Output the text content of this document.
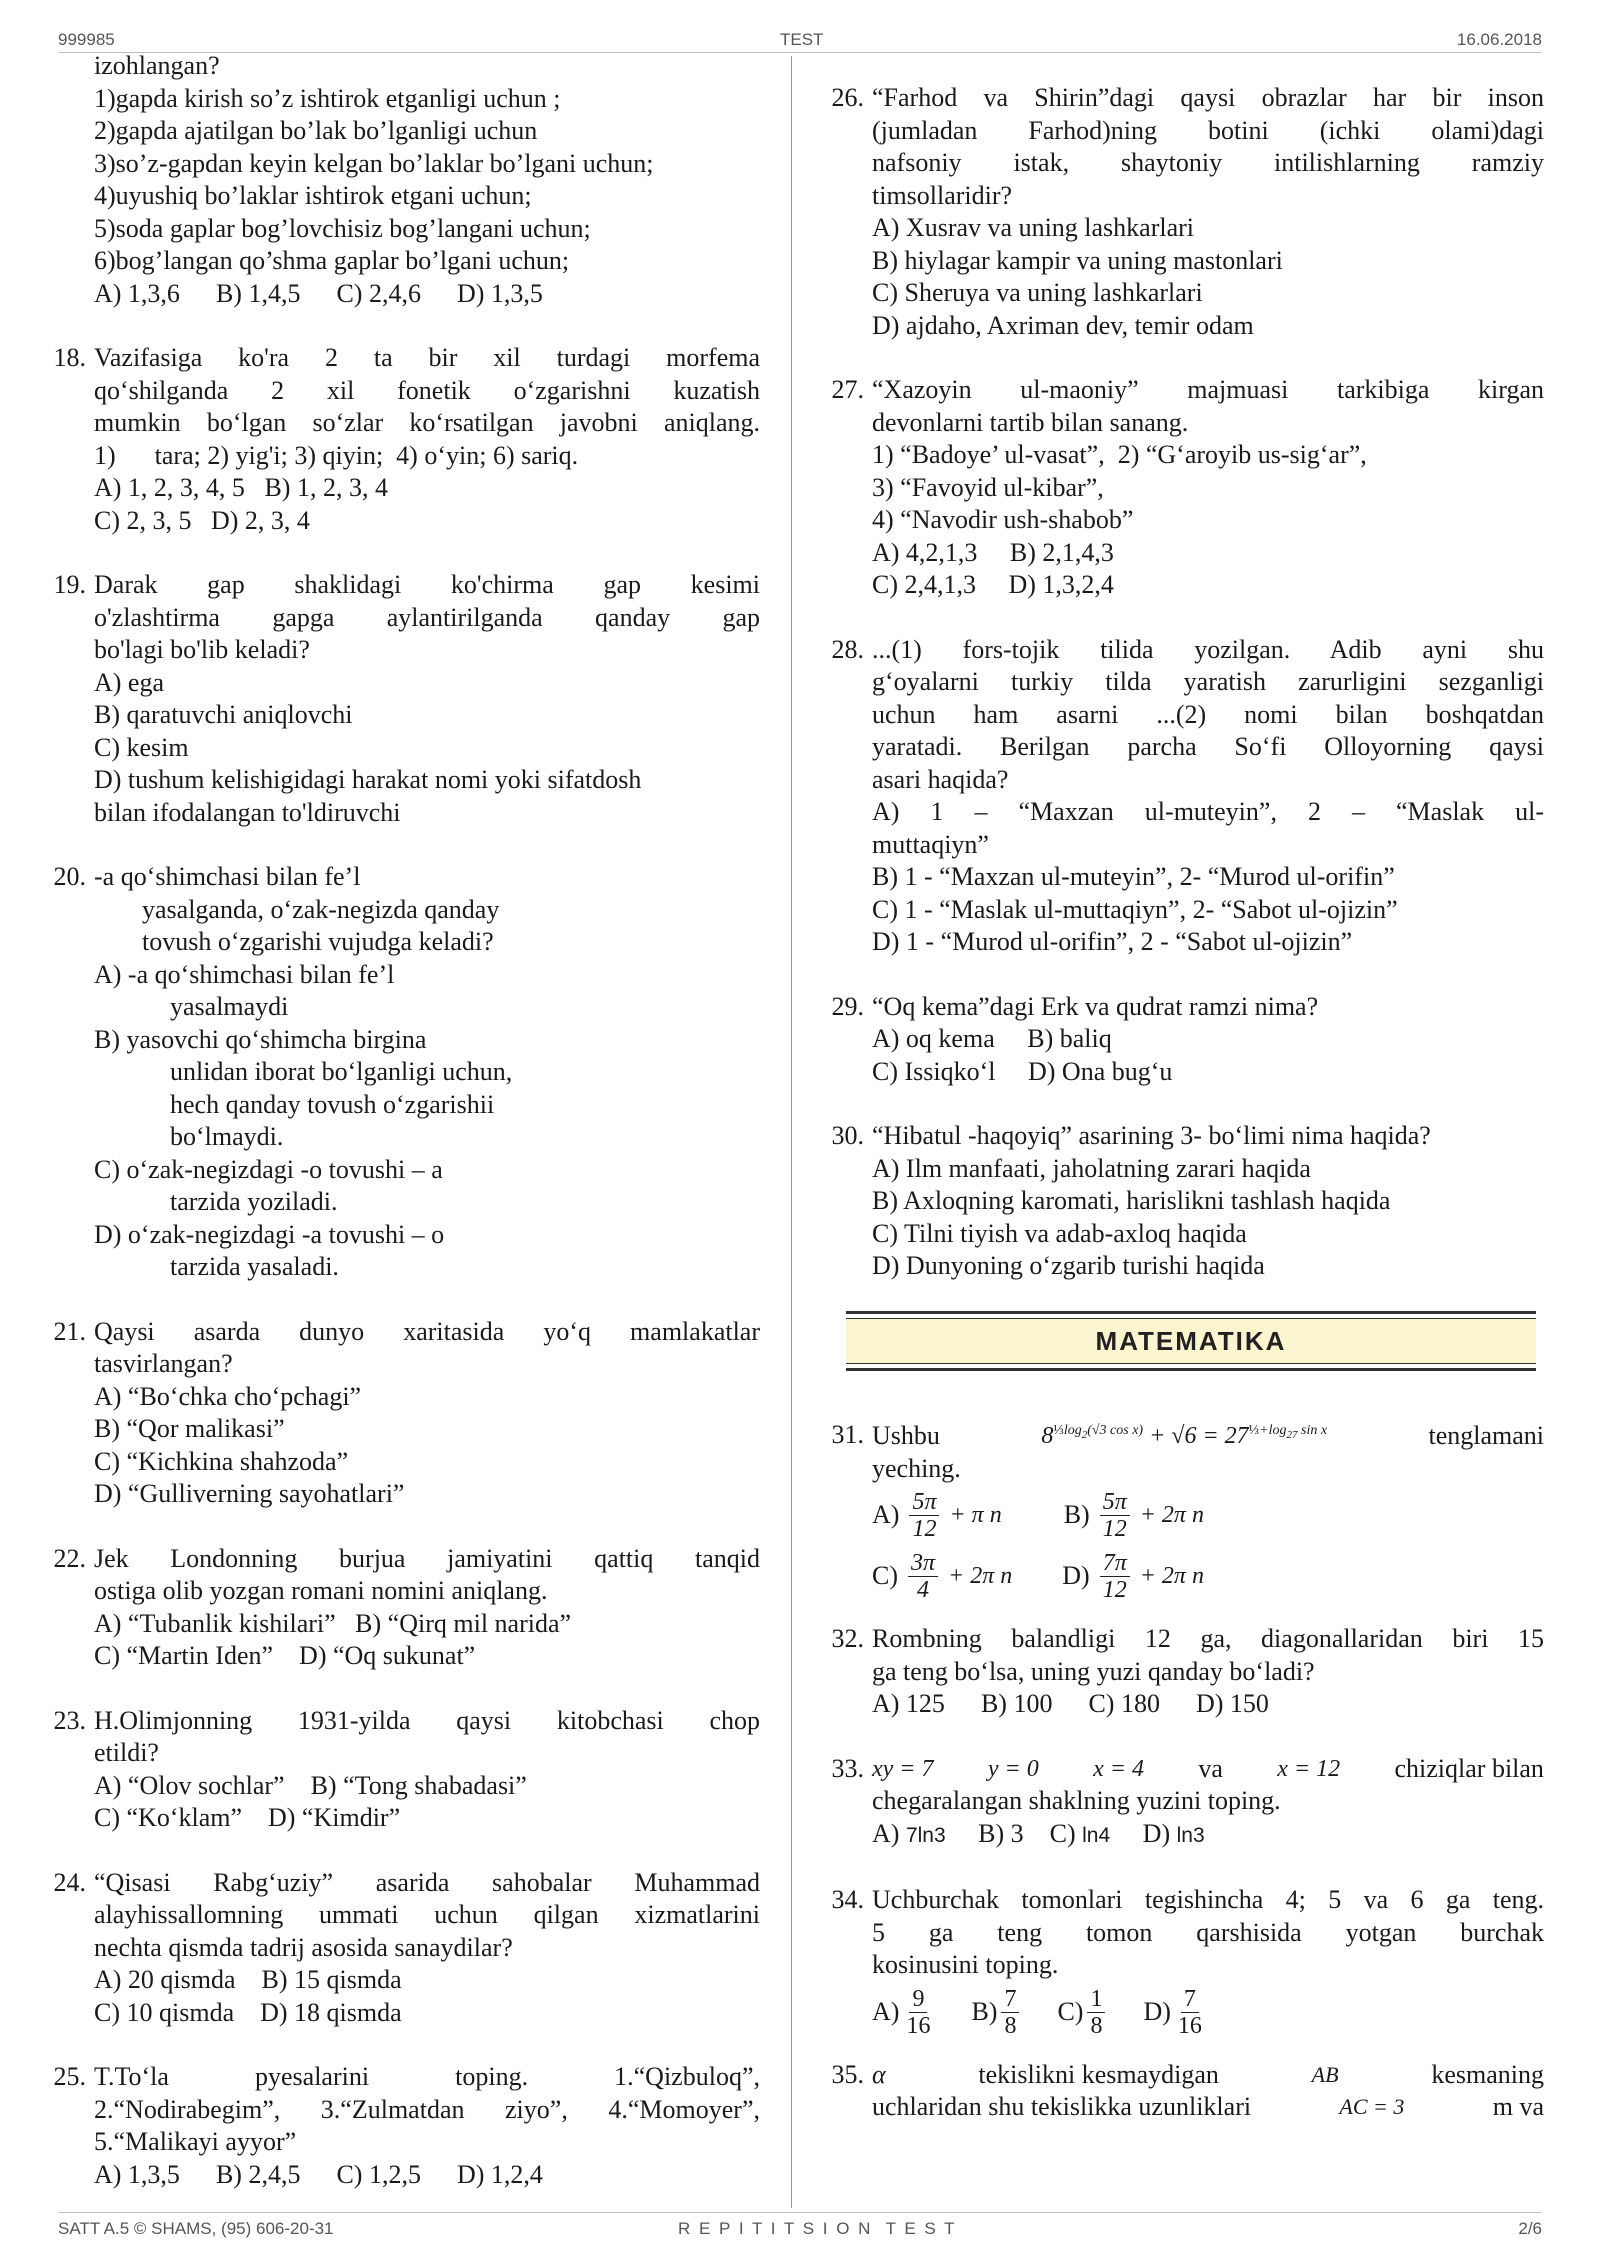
999985	TEST	16.06.2018
izohlangan?
1)gapda kirish so’z ishtirok etganligi uchun ;
2)gapda ajatilgan bo’lak bo’lganligi uchun
3)so’z-gapdan keyin kelgan bo’laklar bo’lgani uchun;
4)uyushiq bo’laklar ishtirok etgani uchun;
5)soda gaplar bog’lovchisiz bog’langani uchun;
6)bog’langan qo’shma gaplar bo’lgani uchun;
A) 1,3,6 B) 1,4,5 C) 2,4,6 D) 1,3,5
18. Vazifasiga ko'ra 2 ta bir xil turdagi morfema
qo‘shilganda 2 xil fonetik o‘zgarishni kuzatish
mumkin bo‘lgan so‘zlar ko‘rsatilgan javobni aniqlang.
1)      tara; 2) yig'i; 3) qiyin;  4) o‘yin; 6) sariq.
A) 1, 2, 3, 4, 5 B) 1, 2, 3, 4
C) 2, 3, 5 D) 2, 3, 4
19. Darak gap shaklidagi ko'chirma gap kesimi
o'zlashtirma gapga aylantirilganda qanday gap
bo'lagi bo'lib keladi?
A) ega
B) qaratuvchi aniqlovchi
C) kesim
D) tushum kelishigidagi harakat nomi yoki sifatdosh
bilan ifodalangan to'ldiruvchi
20. -a qo‘shimchasi bilan fe’l
yasalganda, o‘zak-negizda qanday
tovush o‘zgarishi vujudga keladi?
A) -a qo‘shimchasi bilan fe’l
yasalmaydi
B) yasovchi qo‘shimcha birgina
unlidan iborat bo‘lganligi uchun,
hech qanday tovush o‘zgarishii
bo‘lmaydi.
C) o‘zak-negizdagi -o tovushi – a
tarzida yoziladi.
D) o‘zak-negizdagi -a tovushi – o
tarzida yasaladi.
21. Qaysi asarda dunyo xaritasida yo‘q mamlakatlar
tasvirlangan?
A) “Bo‘chka cho‘pchagi”
B) “Qor malikasi”
C) “Kichkina shahzoda”
D) “Gulliverning sayohatlari”
22. Jek Londonning burjua jamiyatini qattiq tanqid
ostiga olib yozgan romani nomini aniqlang.
A) “Tubanlik kishilari”   B) “Qirq mil narida”
C) “Martin Iden”    D) “Oq sukunat”
23. H.Olimjonning 1931-yilda qaysi kitobchasi chop
etildi?
A) “Olov sochlar”    B) “Tong shabadasi”
C) “Ko‘klam”    D) “Kimdir”
24. “Qisasi Rabg‘uziy” asarida sahobalar Muhammad
alayhissallomning ummati uchun qilgan xizmatlarini
nechta qismda tadrij asosida sanaydilar?
A) 20 qismda    B) 15 qismda
C) 10 qismda    D) 18 qismda
25. T.To‘la pyesalarini toping. 1.“Qizbuloq”,
2.“Nodirabegim”, 3.“Zulmatdan ziyo”, 4.“Momoyer”,
5.“Malikayi ayyor”
A) 1,3,5 B) 2,4,5 C) 1,2,5 D) 1,2,4
26. “Farhod va Shirin”dagi qaysi obrazlar har bir inson
(jumladan Farhod)ning botini (ichki olami)dagi
nafsoniy istak, shaytoniy intilishlarning ramziy
timsollaridir?
A) Xusrav va uning lashkarlari
B) hiylagar kampir va uning mastonlari
C) Sheruya va uning lashkarlari
D) ajdaho, Axriman dev, temir odam
27. “Xazoyin ul-maoniy” majmuasi tarkibiga kirgan
devonlarni tartib bilan sanang.
1) “Badoye’ ul-vasat”,  2) “G‘aroyib us-sig‘ar”,
3) “Favoyid ul-kibar”,
4) “Navodir ush-shabob”
A) 4,2,1,3     B) 2,1,4,3
C) 2,4,1,3     D) 1,3,2,4
28. ...(1) fors-tojik tilida yozilgan. Adib ayni shu
g‘oyalarni turkiy tilda yaratish zarurligini sezganligi
uchun ham asarni ...(2) nomi bilan boshqatdan
yaratadi. Berilgan parcha So‘fi Olloyorning qaysi
asari haqida?
A) 1 – “Maxzan ul-muteyin”, 2 – “Maslak ul-
muttaqiyn”
B) 1 - “Maxzan ul-muteyin”, 2- “Murod ul-orifin”
C) 1 - “Maslak ul-muttaqiyn”, 2- “Sabot ul-ojizin”
D) 1 - “Murod ul-orifin”, 2 - “Sabot ul-ojizin”
29. “Oq kema”dagi Erk va qudrat ramzi nima?
A) oq kema     B) baliq
C) Issiqko‘l     D) Ona bug‘u
30. “Hibatul -haqoyiq” asarining 3- bo‘limi nima haqida?
A) Ilm manfaati, jaholatning zarari haqida
B) Axloqning karomati, harislikni tashlash haqida
C) Tilni tiyish va adab-axloq haqida
D) Dunyoning o‘zgarib turishi haqida
MATEMATIKA
31. Ushbu	$8^{\frac{1}{3}log_2(√3 cos x)} + √6 = 27^{\frac{1}{3}+log_{27} sin x}$	tenglamani
yeching.
$A) \frac{5\pi}{12} + \pi$ n $B) \frac{5\pi}{12} + 2\pi$ n
$C) \frac{3\pi}{4} + 2\pi$ n $D) \frac{7\pi}{12} + 2\pi$ n
32. Rombning balandligi 12 ga, diagonallaridan biri 15
ga teng bo‘lsa, uning yuzi qanday bo‘ladi?
A) 125 B) 100 C) 180 D) 150
33. xy = 7 y = 0 x = 4 va x = 12 chiziqlar bilan
chegaralangan shaklning yuzini toping.
A) 7ln3 B) 3 C) ln4 D) ln3
34. Uchburchak tomonlari tegishincha 4; 5 va 6 ga teng.
5 ga teng tomon qarshisida yotgan burchak
kosinusini toping.
$A) \frac{9}{16} B) \frac{7}{8} C) \frac{1}{8} D) \frac{7}{16}$
35. α	tekislikni kesmaydigan	AB	kesmaning
uchlaridan shu tekislikka uzunliklari	AC = 3	m va
SATT A.5 © SHAMS, (95) 606-20-31	R E P I T I T S I O N  T E S T	2/6
